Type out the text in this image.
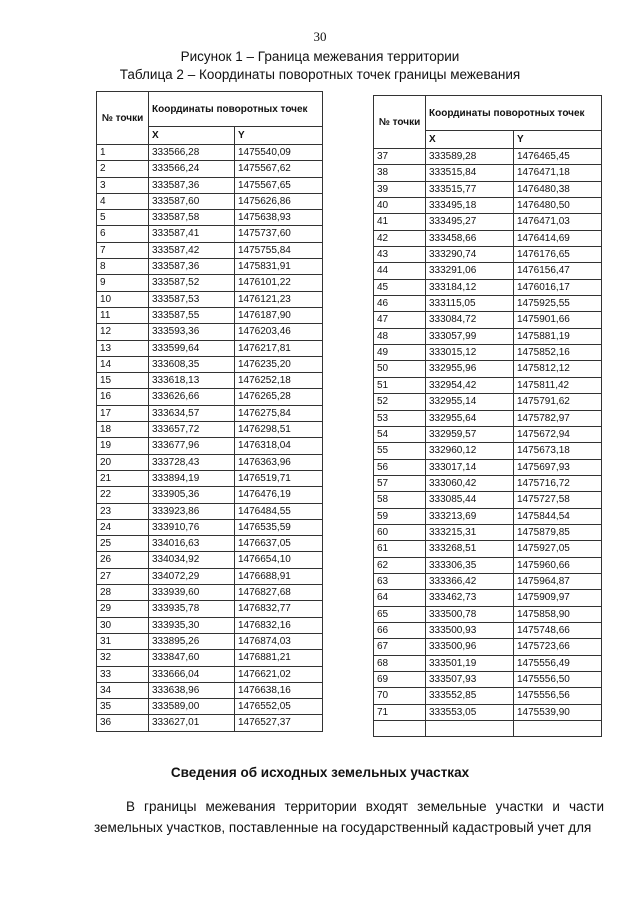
30
Рисунок 1 – Граница межевания территории
Таблица 2 – Координаты поворотных точек границы межевания
№ точки	Координаты поворотных точек	
	X	Y
1	333566,28	1475540,09
2	333566,24	1475567,62
3	333587,36	1475567,65
4	333587,60	1475626,86
5	333587,58	1475638,93
6	333587,41	1475737,60
7	333587,42	1475755,84
8	333587,36	1475831,91
9	333587,52	1476101,22
10	333587,53	1476121,23
11	333587,55	1476187,90
12	333593,36	1476203,46
13	333599,64	1476217,81
14	333608,35	1476235,20
15	333618,13	1476252,18
16	333626,66	1476265,28
17	333634,57	1476275,84
18	333657,72	1476298,51
19	333677,96	1476318,04
20	333728,43	1476363,96
21	333894,19	1476519,71
22	333905,36	1476476,19
23	333923,86	1476484,55
24	333910,76	1476535,59
25	334016,63	1476637,05
26	334034,92	1476654,10
27	334072,29	1476688,91
28	333939,60	1476827,68
29	333935,78	1476832,77
30	333935,30	1476832,16
31	333895,26	1476874,03
32	333847,60	1476881,21
33	333666,04	1476621,02
34	333638,96	1476638,16
35	333589,00	1476552,05
36	333627,01	1476527,37
№ точки	Координаты поворотных точек	
	X	Y
37	333589,28	1476465,45
38	333515,84	1476471,18
39	333515,77	1476480,38
40	333495,18	1476480,50
41	333495,27	1476471,03
42	333458,66	1476414,69
43	333290,74	1476176,65
44	333291,06	1476156,47
45	333184,12	1476016,17
46	333115,05	1475925,55
47	333084,72	1475901,66
48	333057,99	1475881,19
49	333015,12	1475852,16
50	332955,96	1475812,12
51	332954,42	1475811,42
52	332955,14	1475791,62
53	332955,64	1475782,97
54	332959,57	1475672,94
55	332960,12	1475673,18
56	333017,14	1475697,93
57	333060,42	1475716,72
58	333085,44	1475727,58
59	333213,69	1475844,54
60	333215,31	1475879,85
61	333268,51	1475927,05
62	333306,35	1475960,66
63	333366,42	1475964,87
64	333462,73	1475909,97
65	333500,78	1475858,90
66	333500,93	1475748,66
67	333500,96	1475723,66
68	333501,19	1475556,49
69	333507,93	1475556,50
70	333552,85	1475556,56
71	333553,05	1475539,90

Сведения об исходных земельных участках
В границы межевания территории входят земельные участки и части земельных участков, поставленные на государственный кадастровый учет для
